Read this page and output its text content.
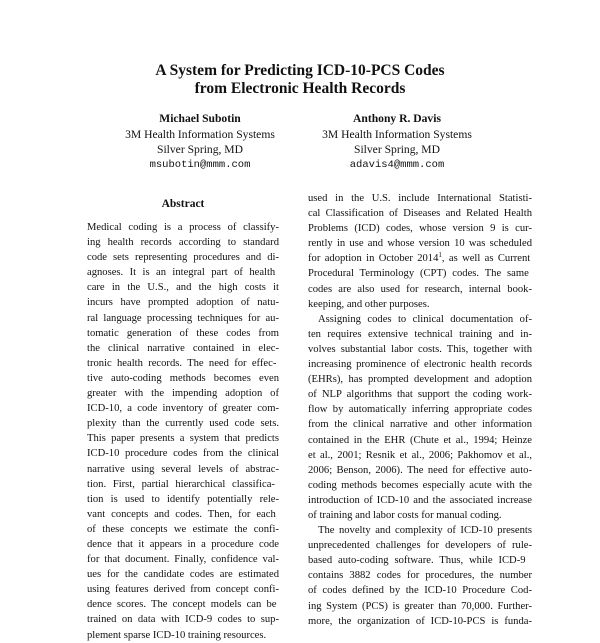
A System for Predicting ICD-10-PCS Codes
from Electronic Health Records
Michael Subotin
3M Health Information Systems
Silver Spring, MD
msubotin@mmm.com
Anthony R. Davis
3M Health Information Systems
Silver Spring, MD
adavis4@mmm.com
Abstract
Medical coding is a process of classify-
ing health records according to standard
code sets representing procedures and di-
agnoses. It is an integral part of health
care in the U.S., and the high costs it
incurs have prompted adoption of natu-
ral language processing techniques for au-
tomatic generation of these codes from
the clinical narrative contained in elec-
tronic health records. The need for effec-
tive auto-coding methods becomes even
greater with the impending adoption of
ICD-10, a code inventory of greater com-
plexity than the currently used code sets.
This paper presents a system that predicts
ICD-10 procedure codes from the clinical
narrative using several levels of abstrac-
tion. First, partial hierarchical classifica-
tion is used to identify potentially rele-
vant concepts and codes. Then, for each
of these concepts we estimate the confi-
dence that it appears in a procedure code
for that document. Finally, confidence val-
ues for the candidate codes are estimated
using features derived from concept confi-
dence scores. The concept models can be
trained on data with ICD-9 codes to sup-
plement sparse ICD-10 training resources.
used in the U.S. include International Statisti-
cal Classification of Diseases and Related Health
Problems (ICD) codes, whose version 9 is cur-
rently in use and whose version 10 was scheduled
for adoption in October 2014$^1$, as well as Current
Procedural Terminology (CPT) codes. The same
codes are also used for research, internal book-
keeping, and other purposes.
Assigning codes to clinical documentation of-
ten requires extensive technical training and in-
volves substantial labor costs. This, together with
increasing prominence of electronic health records
(EHRs), has prompted development and adoption
of NLP algorithms that support the coding work-
flow by automatically inferring appropriate codes
from the clinical narrative and other information
contained in the EHR (Chute et al., 1994; Heinze
et al., 2001; Resnik et al., 2006; Pakhomov et al.,
2006; Benson, 2006). The need for effective auto-
coding methods becomes especially acute with the
introduction of ICD-10 and the associated increase
of training and labor costs for manual coding.
The novelty and complexity of ICD-10 presents
unprecedented challenges for developers of rule-
based auto-coding software. Thus, while ICD-9
contains 3882 codes for procedures, the number
of codes defined by the ICD-10 Procedure Cod-
ing System (PCS) is greater than 70,000. Further-
more, the organization of ICD-10-PCS is funda-
